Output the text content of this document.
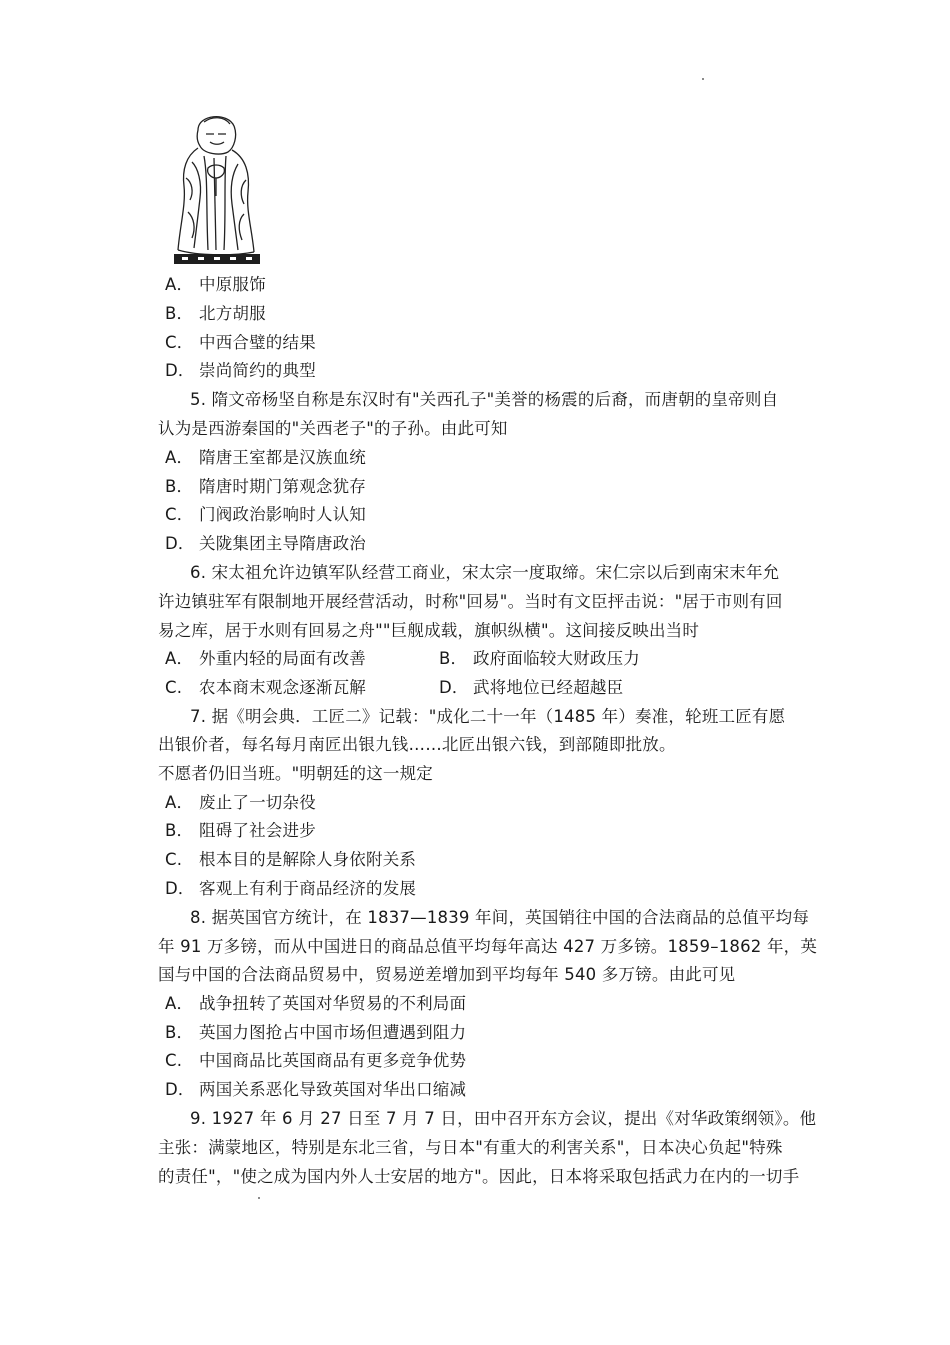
A． 中原服饰
B． 北方胡服
C． 中西合璧的结果
D． 崇尚简约的典型
5. 隋文帝杨坚自称是东汉时有"关西孔子"美誉的杨震的后裔，而唐朝的皇帝则自
认为是西游秦国的"关西老子"的子孙。由此可知
A． 隋唐王室都是汉族血统
B． 隋唐时期门第观念犹存
C． 门阀政治影响时人认知
D． 关陇集团主导隋唐政治
6. 宋太祖允许边镇军队经营工商业，宋太宗一度取缔。宋仁宗以后到南宋末年允
许边镇驻军有限制地开展经营活动，时称"回易"。当时有文臣抨击说："居于市则有回
易之库，居于水则有回易之舟""巨舰成载，旗帜纵横"。这间接反映出当时
A． 外重内轻的局面有改善	B． 政府面临较大财政压力
C. 农本商末观念逐渐瓦解	D． 武将地位已经超越臣
7. 据《明会典．工匠二》记载："成化二十一年（1485 年）奏准，轮班工匠有愿
出银价者，每名每月南匠出银九钱……北匠出银六钱，到部随即批放。
不愿者仍旧当班。"明朝廷的这一规定
A． 废止了一切杂役
B． 阻碍了社会进步
C. 根本目的是解除人身依附关系
D． 客观上有利于商品经济的发展
8. 据英国官方统计，在 1837—1839 年间，英国销往中国的合法商品的总值平均每
年 91 万多镑，而从中国进日的商品总值平均每年高达 427 万多镑。1859–1862 年，英
国与中国的合法商品贸易中，贸易逆差增加到平均每年 540 多万镑。由此可见
A． 战争扭转了英国对华贸易的不利局面
B． 英国力图抢占中国市场但遭遇到阻力
C. 中国商品比英国商品有更多竞争优势
D． 两国关系恶化导致英国对华出口缩减
9. 1927 年 6 月 27 日至 7 月 7 日，田中召开东方会议，提出《对华政策纲领》。他
主张：满蒙地区，特别是东北三省，与日本"有重大的利害关系"，日本决心负起"特殊
的责任"，"使之成为国内外人士安居的地方"。因此，日本将采取包括武力在内的一切手
